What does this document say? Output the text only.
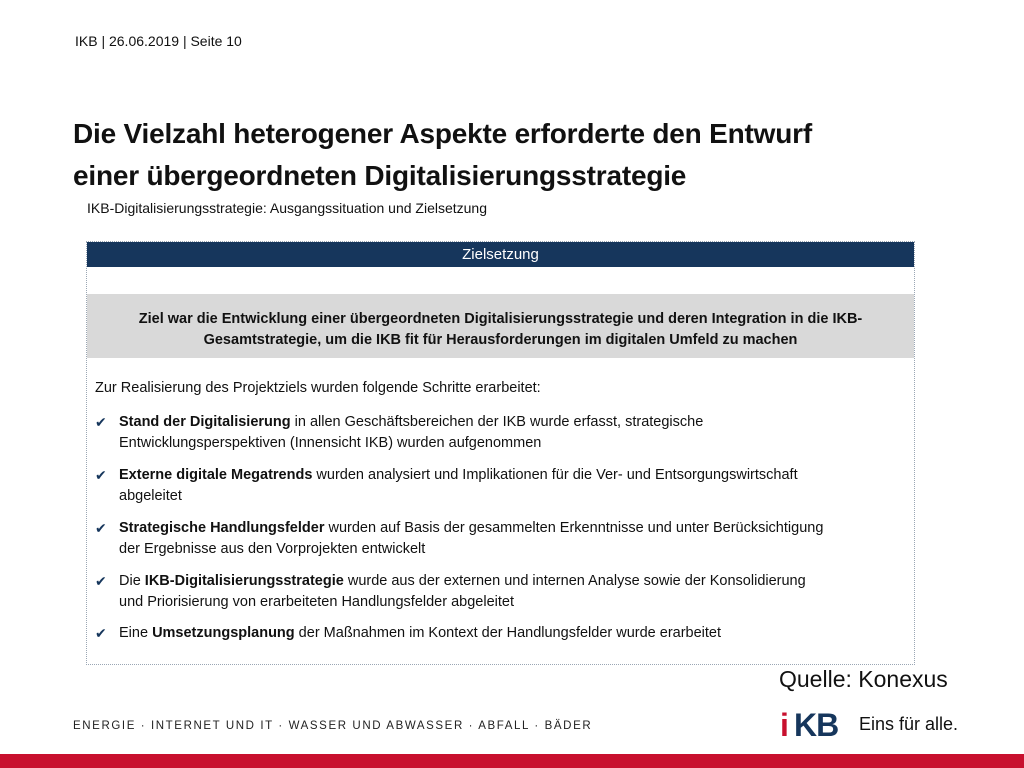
IKB | 26.06.2019 | Seite 10
Die Vielzahl heterogener Aspekte erforderte den Entwurf
einer übergeordneten Digitalisierungsstrategie
IKB-Digitalisierungsstrategie: Ausgangssituation und Zielsetzung
Zielsetzung
Ziel war die Entwicklung einer übergeordneten Digitalisierungsstrategie und deren Integration in die IKB-
Gesamtstrategie, um die IKB fit für Herausforderungen im digitalen Umfeld zu machen
Zur Realisierung des Projektziels wurden folgende Schritte erarbeitet:
✔ Stand der Digitalisierung in allen Geschäftsbereichen der IKB wurde erfasst, strategische
Entwicklungsperspektiven (Innensicht IKB) wurden aufgenommen
✔ Externe digitale Megatrends wurden analysiert und Implikationen für die Ver- und Entsorgungswirtschaft
abgeleitet
✔ Strategische Handlungsfelder wurden auf Basis der gesammelten Erkenntnisse und unter Berücksichtigung
der Ergebnisse aus den Vorprojekten entwickelt
✔ Die IKB-Digitalisierungsstrategie wurde aus der externen und internen Analyse sowie der Konsolidierung
und Priorisierung von erarbeiteten Handlungsfelder abgeleitet
✔ Eine Umsetzungsplanung der Maßnahmen im Kontext der Handlungsfelder wurde erarbeitet
Quelle: Konexus
ENERGIE · INTERNET UND IT · WASSER UND ABWASSER · ABFALL · BÄDER	i KB Eins für alle.
